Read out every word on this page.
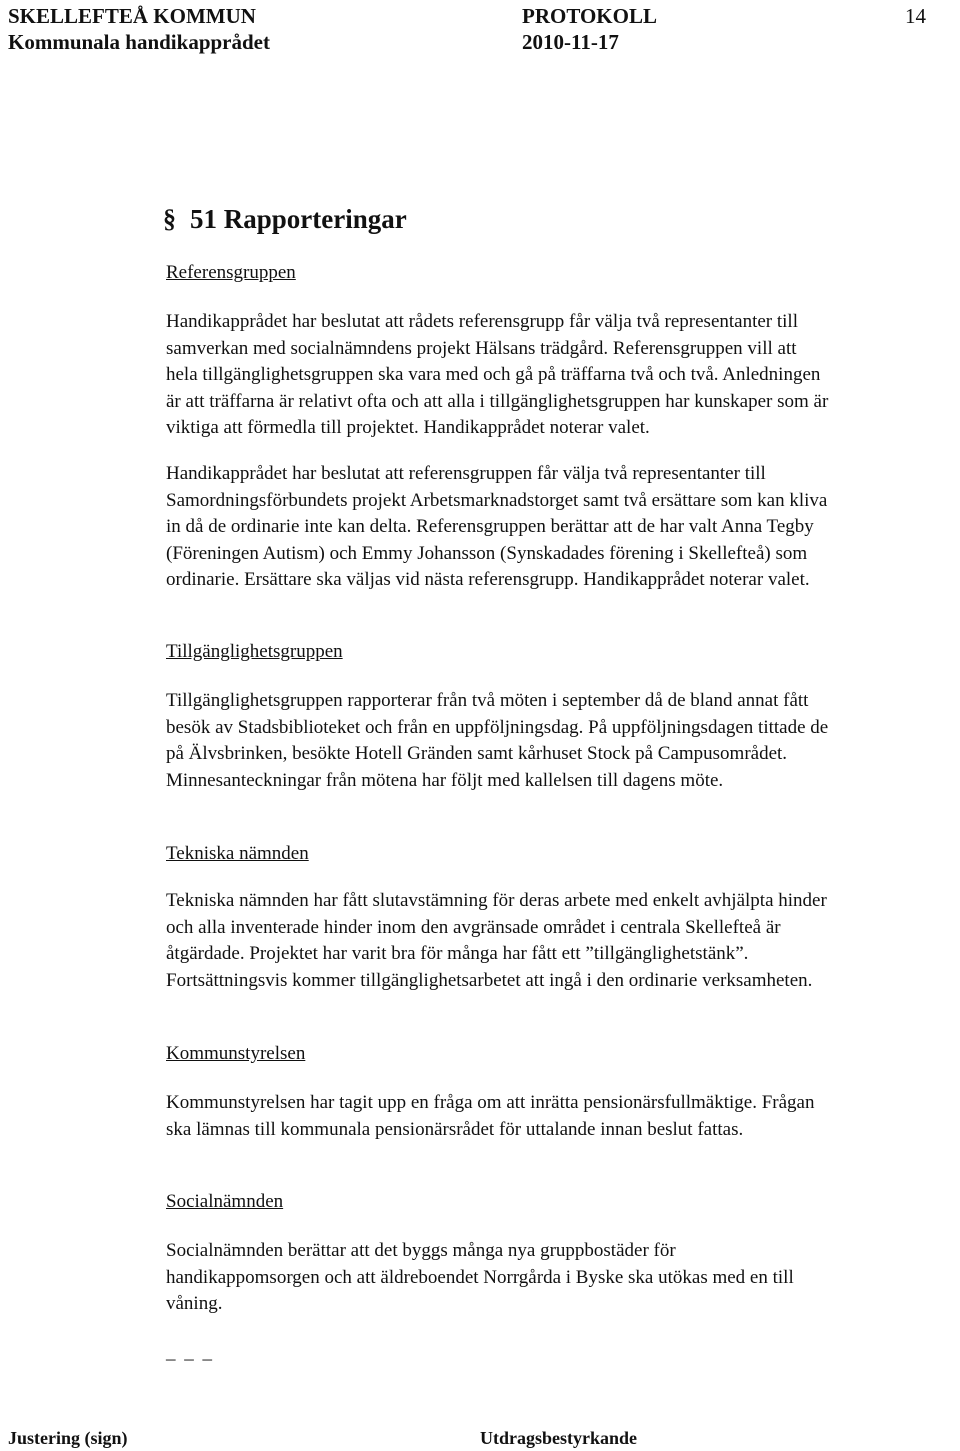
SKELLEFTEÅ KOMMUN	PROTOKOLL	14
Kommunala handikapprådet	2010-11-17
§ 51 Rapporteringar
Referensgruppen
Handikapprådet har beslutat att rådets referensgrupp får välja två representanter till
samverkan med socialnämndens projekt Hälsans trädgård. Referensgruppen vill att
hela tillgänglighetsgruppen ska vara med och gå på träffarna två och två. Anledningen
är att träffarna är relativt ofta och att alla i tillgänglighetsgruppen har kunskaper som är
viktiga att förmedla till projektet. Handikapprådet noterar valet.
Handikapprådet har beslutat att referensgruppen får välja två representanter till
Samordningsförbundets projekt Arbetsmarknadstorget samt två ersättare som kan kliva
in då de ordinarie inte kan delta. Referensgruppen berättar att de har valt Anna Tegby
(Föreningen Autism) och Emmy Johansson (Synskadades förening i Skellefteå) som
ordinarie. Ersättare ska väljas vid nästa referensgrupp. Handikapprådet noterar valet.
Tillgänglighetsgruppen
Tillgänglighetsgruppen rapporterar från två möten i september då de bland annat fått
besök av Stadsbiblioteket och från en uppföljningsdag. På uppföljningsdagen tittade de
på Älvsbrinken, besökte Hotell Gränden samt kårhuset Stock på Campusområdet.
Minnesanteckningar från mötena har följt med kallelsen till dagens möte.
Tekniska nämnden
Tekniska nämnden har fått slutavstämning för deras arbete med enkelt avhjälpta hinder
och alla inventerade hinder inom den avgränsade området i centrala Skellefteå är
åtgärdade. Projektet har varit bra för många har fått ett ”tillgänglighetstänk”.
Fortsättningsvis kommer tillgänglighetsarbetet att ingå i den ordinarie verksamheten.
Kommunstyrelsen
Kommunstyrelsen har tagit upp en fråga om att inrätta pensionärsfullmäktige. Frågan
ska lämnas till kommunala pensionärsrådet för uttalande innan beslut fattas.
Socialnämnden
Socialnämnden berättar att det byggs många nya gruppbostäder för
handikappomsorgen och att äldreboendet Norrgårda i Byske ska utökas med en till
våning.
_ _ _
Justering (sign)	Utdragsbestyrkande
